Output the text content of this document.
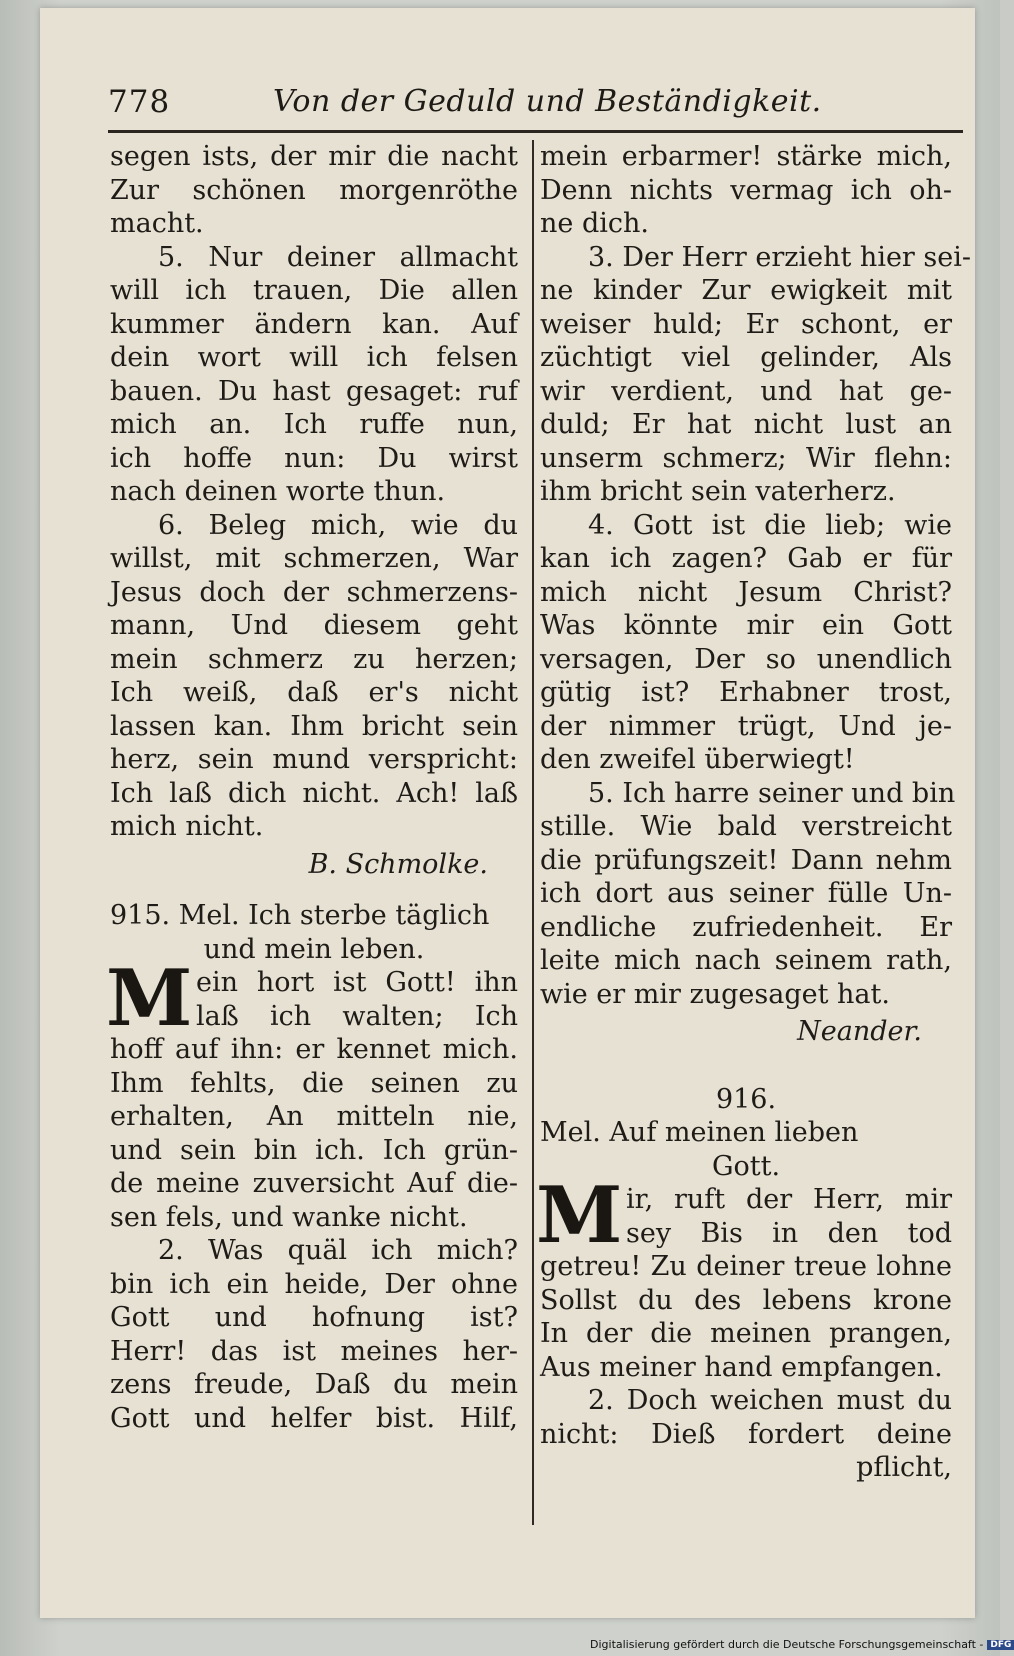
778	Von der Geduld und Beständigkeit.
segen ists, der mir die nacht
Zur schönen morgenröthe
macht.
5. Nur deiner allmacht
will ich trauen, Die allen
kummer ändern kan. Auf
dein wort will ich felsen
bauen. Du hast gesaget: ruf
mich an. Ich ruffe nun,
ich hoffe nun: Du wirst
nach deinen worte thun.
6. Beleg mich, wie du
willst, mit schmerzen, War
Jesus doch der schmerzens-
mann, Und diesem geht
mein schmerz zu herzen;
Ich weiß, daß er's nicht
lassen kan. Ihm bricht sein
herz, sein mund verspricht:
Ich laß dich nicht. Ach! laß
mich nicht.
B. Schmolke.
915. Mel. Ich sterbe täglich
und mein leben.
M ein hort ist Gott! ihn
laß ich walten; Ich
hoff auf ihn: er kennet mich.
Ihm fehlts, die seinen zu
erhalten, An mitteln nie,
und sein bin ich. Ich grün-
de meine zuversicht Auf die-
sen fels, und wanke nicht.
2. Was quäl ich mich?
bin ich ein heide, Der ohne
Gott und hofnung ist?
Herr! das ist meines her-
zens freude, Daß du mein
Gott und helfer bist. Hilf,
mein erbarmer! stärke mich,
Denn nichts vermag ich oh-
ne dich.
3. Der Herr erzieht hier sei-
ne kinder Zur ewigkeit mit
weiser huld; Er schont, er
züchtigt viel gelinder, Als
wir verdient, und hat ge-
duld; Er hat nicht lust an
unserm schmerz; Wir flehn:
ihm bricht sein vaterherz.
4. Gott ist die lieb; wie
kan ich zagen? Gab er für
mich nicht Jesum Christ?
Was könnte mir ein Gott
versagen, Der so unendlich
gütig ist? Erhabner trost,
der nimmer trügt, Und je-
den zweifel überwiegt!
5. Ich harre seiner und bin
stille. Wie bald verstreicht
die prüfungszeit! Dann nehm
ich dort aus seiner fülle Un-
endliche zufriedenheit. Er
leite mich nach seinem rath,
wie er mir zugesaget hat.
Neander.
916.
Mel. Auf meinen lieben
Gott.
M ir, ruft der Herr, mir
sey Bis in den tod
getreu! Zu deiner treue lohne
Sollst du des lebens krone
In der die meinen prangen,
Aus meiner hand empfangen.
2. Doch weichen must du
nicht: Dieß fordert deine
pflicht,
Digitalisierung gefördert durch die Deutsche Forschungsgemeinschaft - DFG
